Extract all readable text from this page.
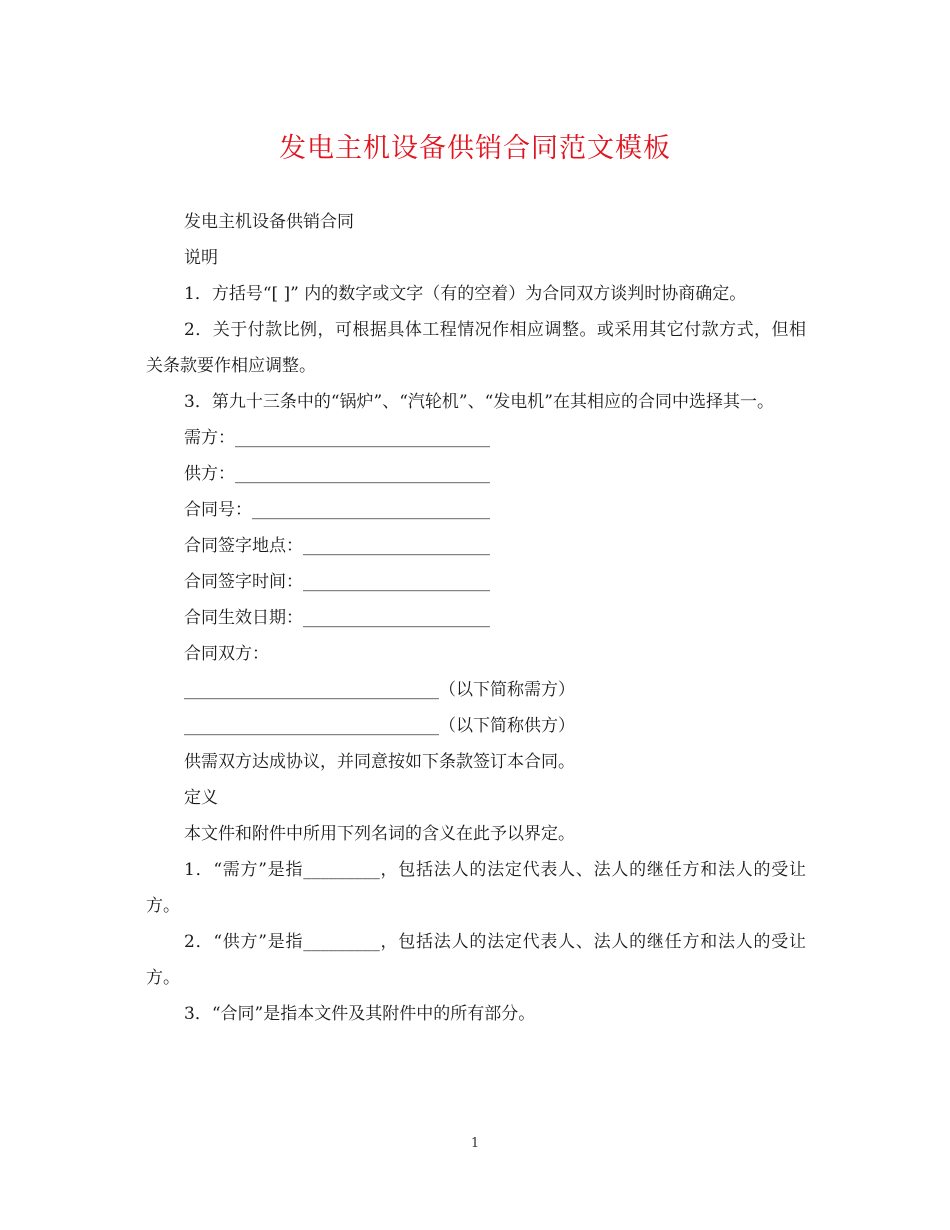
发电主机设备供销合同范文模板

发电主机设备供销合同

说明

1．方括号“[ ]” 内的数字或文字（有的空着）为合同双方谈判时协商确定。

2．关于付款比例，可根据具体工程情况作相应调整。或采用其它付款方式，但相关条款要作相应调整。

3．第九十三条中的“锅炉”、“汽轮机”、“发电机”在其相应的合同中选择其一。

需方：______________________________

供方：______________________________

合同号：____________________________

合同签字地点：______________________

合同签字时间：______________________

合同生效日期：______________________

合同双方：

______________________________（以下简称需方）

______________________________（以下简称供方）

供需双方达成协议，并同意按如下条款签订本合同。

定义

本文件和附件中所用下列名词的含义在此予以界定。

1．“需方”是指_________，包括法人的法定代表人、法人的继任方和法人的受让方。

2．“供方”是指_________，包括法人的法定代表人、法人的继任方和法人的受让方。

3．“合同”是指本文件及其附件中的所有部分。

1
